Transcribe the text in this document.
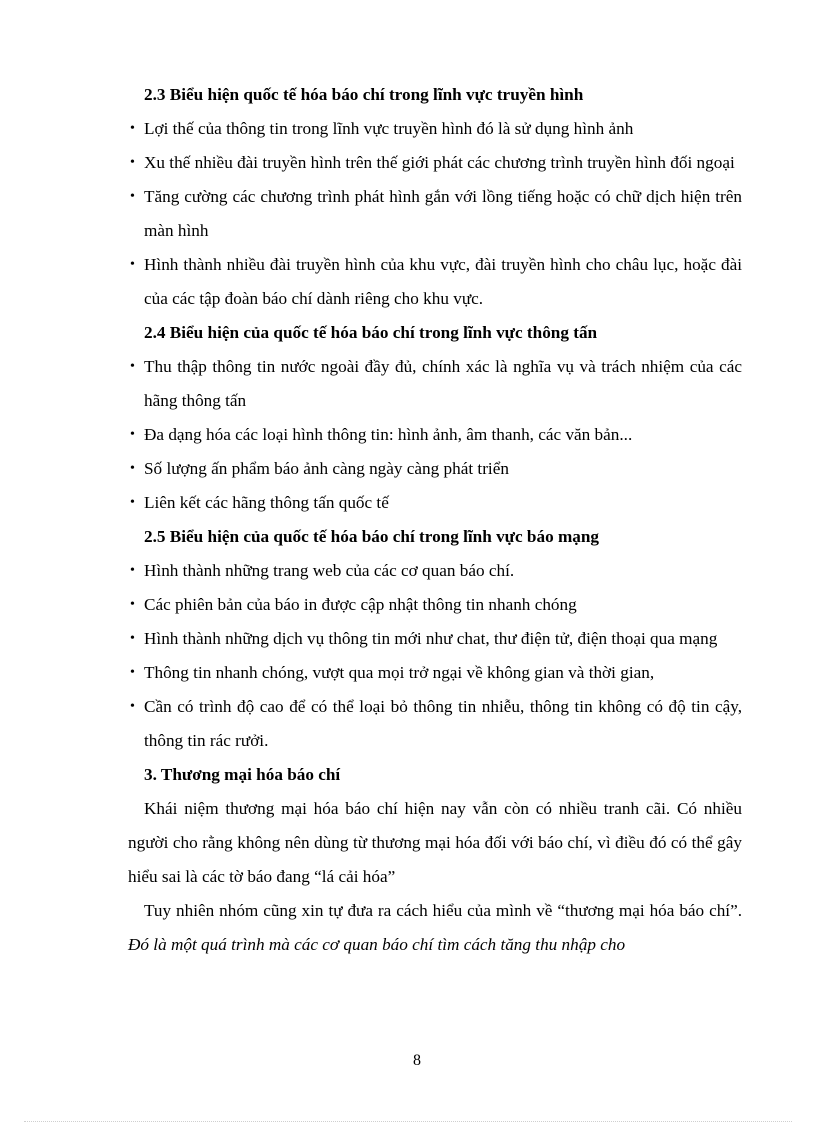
2.3 Biểu hiện quốc tế hóa báo chí trong lĩnh vực truyền hình
• Lợi thế của thông tin trong lĩnh vực truyền hình đó là sử dụng hình ảnh
• Xu thế nhiều đài truyền hình trên thế giới phát các chương trình truyền hình đối ngoại
• Tăng cường các chương trình phát hình gắn với lồng tiếng hoặc có chữ dịch hiện trên màn hình
• Hình thành nhiều đài truyền hình của khu vực, đài truyền hình cho châu lục, hoặc đài của các tập đoàn báo chí dành riêng cho khu vực.
2.4 Biểu hiện của quốc tế hóa báo chí trong lĩnh vực thông tấn
• Thu thập thông tin nước ngoài đầy đủ, chính xác là nghĩa vụ và trách nhiệm của các hãng thông tấn
• Đa dạng hóa các loại hình thông tin: hình ảnh, âm thanh, các văn bản...
• Số lượng ấn phẩm báo ảnh càng ngày càng phát triển
• Liên kết các hãng thông tấn quốc tế
2.5 Biểu hiện của quốc tế hóa báo chí trong lĩnh vực báo mạng
• Hình thành những trang web của các cơ quan báo chí.
• Các phiên bản của báo in được cập nhật thông tin nhanh chóng
• Hình thành những dịch vụ thông tin mới như chat, thư điện tử, điện thoại qua mạng
• Thông tin nhanh chóng, vượt qua mọi trở ngại về không gian và thời gian,
• Cần có trình độ cao để có thể loại bỏ thông tin nhiễu, thông tin không có độ tin cậy, thông tin rác rưởi.
3. Thương mại hóa báo chí
Khái niệm thương mại hóa báo chí hiện nay vẫn còn có nhiều tranh cãi. Có nhiều người cho rằng không nên dùng từ thương mại hóa đối với báo chí, vì điều đó có thể gây hiểu sai là các tờ báo đang “lá cải hóa”
Tuy nhiên nhóm cũng xin tự đưa ra cách hiểu của mình về “thương mại hóa báo chí”. Đó là một quá trình mà các cơ quan báo chí tìm cách tăng thu nhập cho
8
